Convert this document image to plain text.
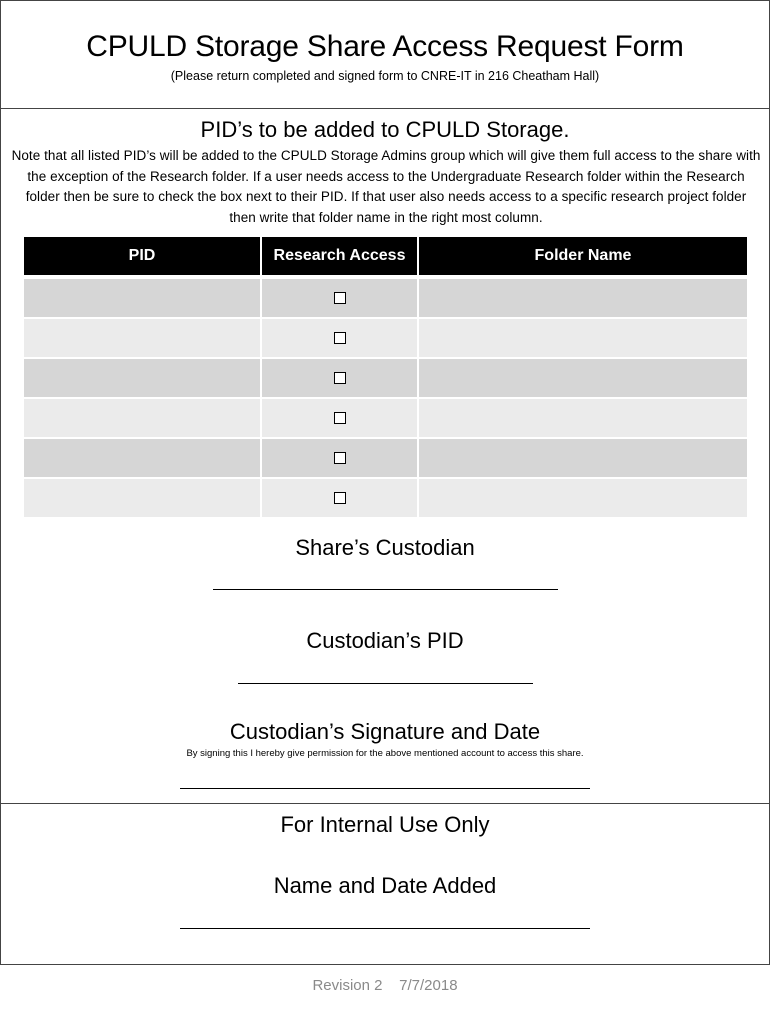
CPULD Storage Share Access Request Form
(Please return completed and signed form to CNRE-IT in 216 Cheatham Hall)
PID’s to be added to CPULD Storage.
Note that all listed PID’s will be added to the CPULD Storage Admins group which will give them full access to the share with the exception of the Research folder. If a user needs access to the Undergraduate Research folder within the Research folder then be sure to check the box next to their PID. If that user also needs access to a specific research project folder then write that folder name in the right most column.
PID	Research Access	Folder Name

Share’s Custodian
Custodian’s PID
Custodian’s Signature and Date
By signing this I hereby give permission for the above mentioned account to access this share.
For Internal Use Only
Name and Date Added
Revision 2    7/7/2018
